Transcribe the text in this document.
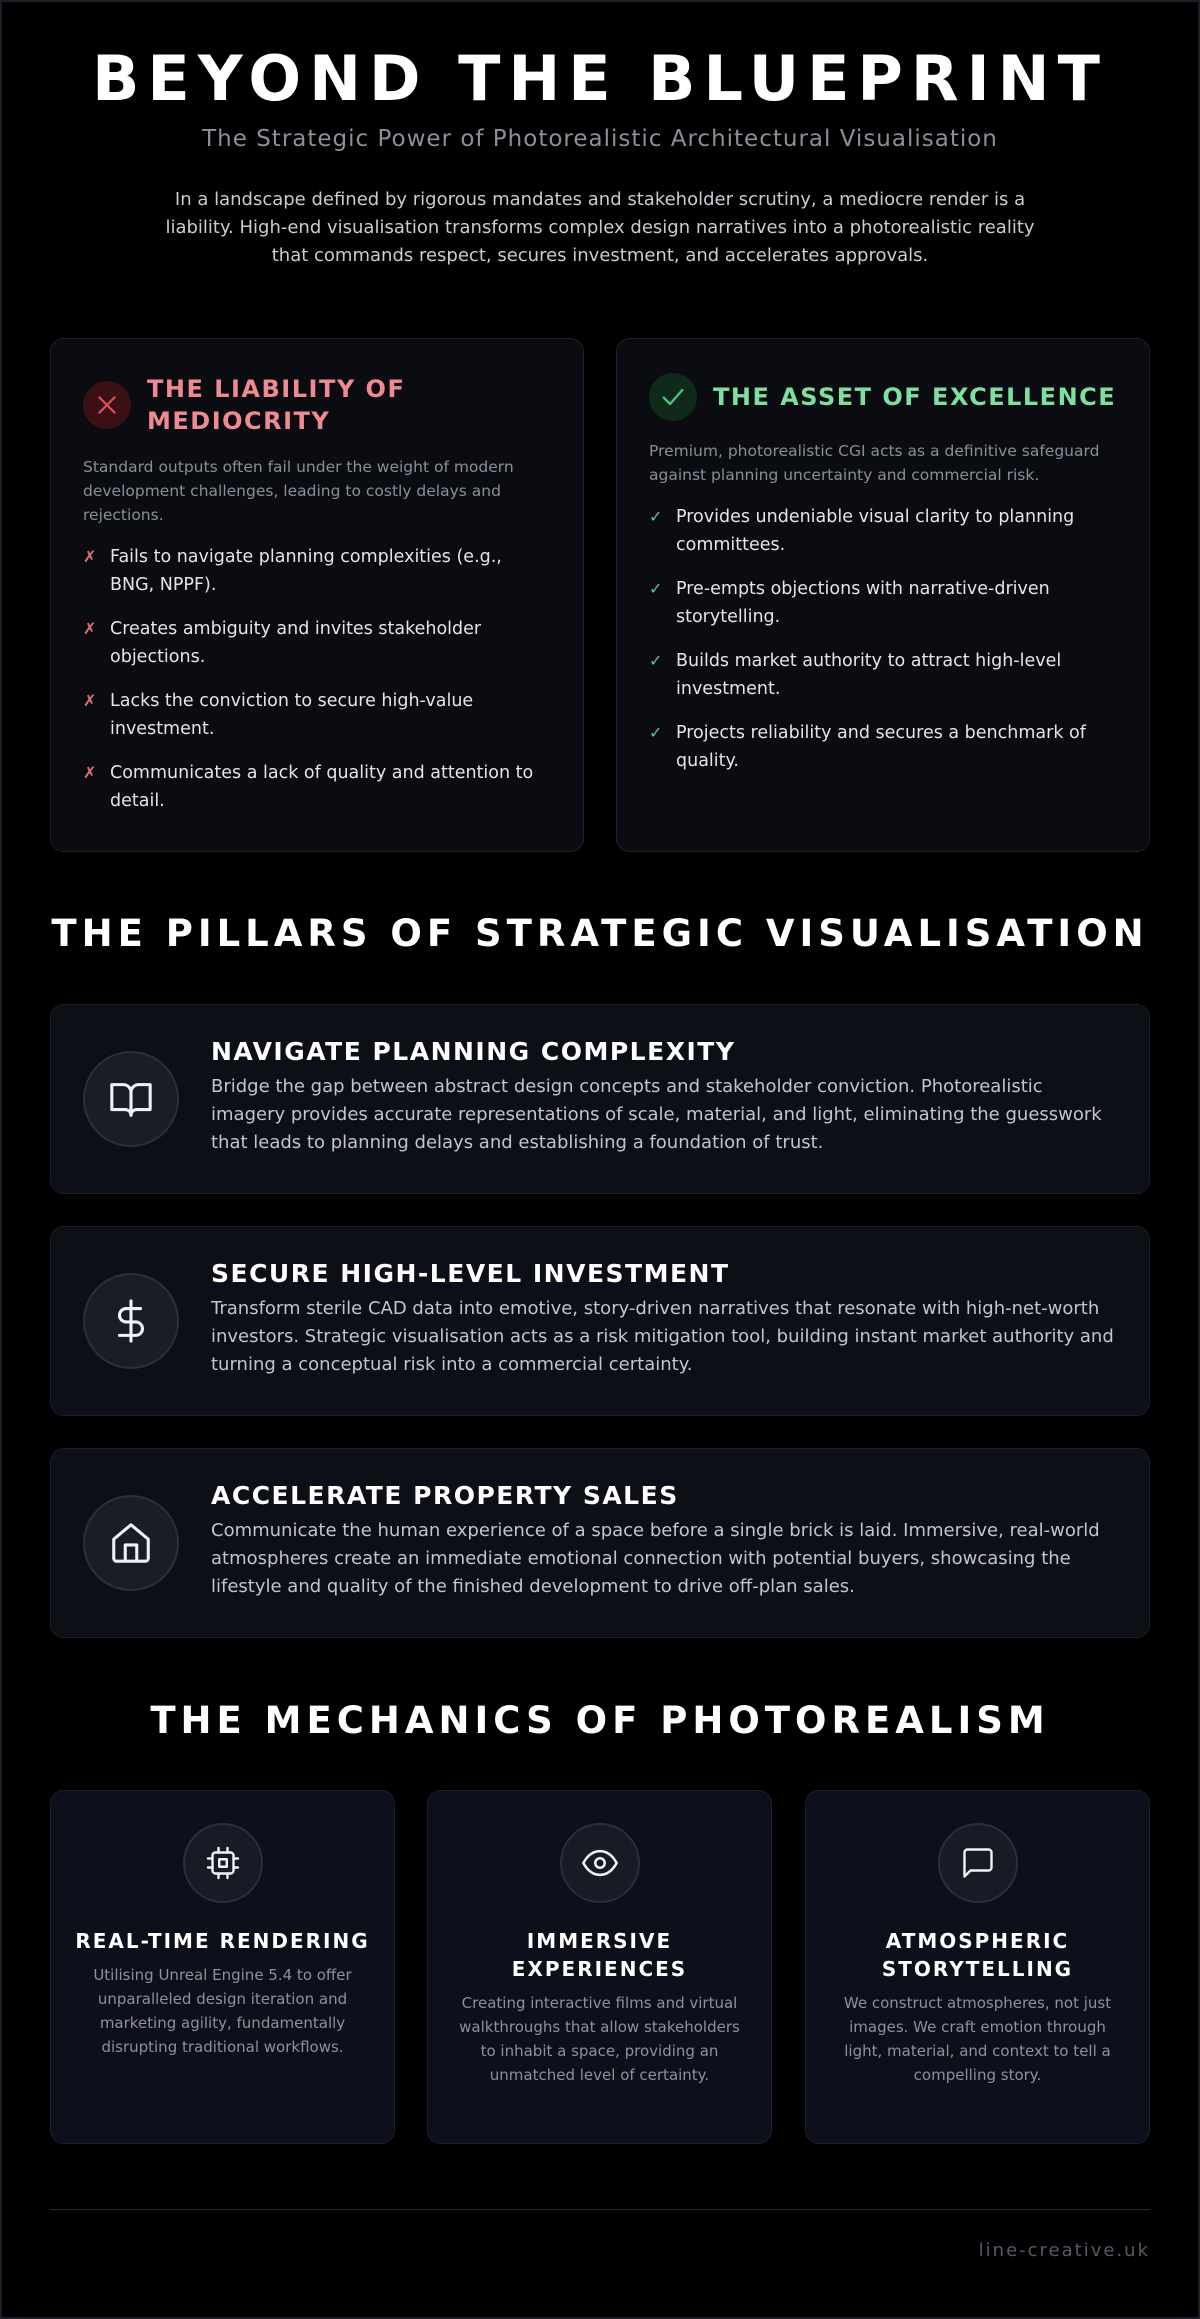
BEYOND THE BLUEPRINT

The Strategic Power of Photorealistic Architectural Visualisation

In a landscape defined by rigorous mandates and stakeholder scrutiny, a mediocre render is a liability. High-end visualisation transforms complex design narratives into a photorealistic reality that commands respect, secures investment, and accelerates approvals.

THE LIABILITY OF MEDIOCRITY

Standard outputs often fail under the weight of modern development challenges, leading to costly delays and rejections.

✗ Fails to navigate planning complexities (e.g., BNG, NPPF).
✗ Creates ambiguity and invites stakeholder objections.
✗ Lacks the conviction to secure high-value investment.
✗ Communicates a lack of quality and attention to detail.
THE ASSET OF EXCELLENCE

Premium, photorealistic CGI acts as a definitive safeguard against planning uncertainty and commercial risk.

✓ Provides undeniable visual clarity to planning committees.
✓ Pre-empts objections with narrative-driven storytelling.
✓ Builds market authority to attract high-level investment.
✓ Projects reliability and secures a benchmark of quality.
THE PILLARS OF STRATEGIC VISUALISATION
NAVIGATE PLANNING COMPLEXITY

Bridge the gap between abstract design concepts and stakeholder conviction. Photorealistic imagery provides accurate representations of scale, material, and light, eliminating the guesswork that leads to planning delays and establishing a foundation of trust.

SECURE HIGH-LEVEL INVESTMENT

Transform sterile CAD data into emotive, story-driven narratives that resonate with high-net-worth investors. Strategic visualisation acts as a risk mitigation tool, building instant market authority and turning a conceptual risk into a commercial certainty.

ACCELERATE PROPERTY SALES

Communicate the human experience of a space before a single brick is laid. Immersive, real-world atmospheres create an immediate emotional connection with potential buyers, showcasing the lifestyle and quality of the finished development to drive off-plan sales.

THE MECHANICS OF PHOTOREALISM
REAL-TIME RENDERING

Utilising Unreal Engine 5.4 to offer unparalleled design iteration and marketing agility, fundamentally disrupting traditional workflows.

IMMERSIVE EXPERIENCES

Creating interactive films and virtual walkthroughs that allow stakeholders to inhabit a space, providing an unmatched level of certainty.

ATMOSPHERIC STORYTELLING

We construct atmospheres, not just images. We craft emotion through light, material, and context to tell a compelling story.

line-creative.uk
